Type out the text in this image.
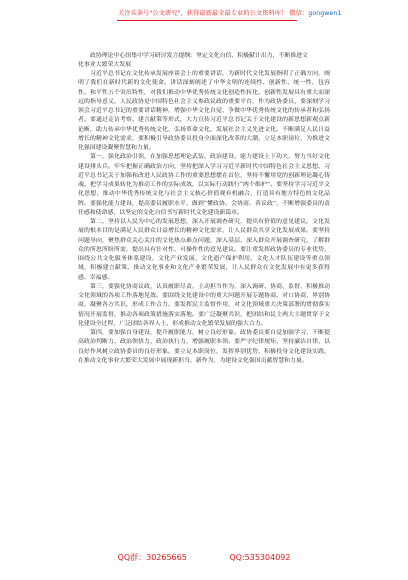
关注头条号"公文研究"，获得最新最全最专业的公文资料库！ 微信：gongwen1

政协理论中心组集中学习研讨发言提纲：坚定文化自信，积极献计出力，不断推进文

化事业大繁荣大发展

习近平总书记在文化传承发展座谈会上的重要讲话，为新时代文化发展指明了正确方向，阐明了我们在新时代新的文化使命。讲话深刻阐述了中华文明的连续性、创新性、统一性、包容性、和平性五个突出特性，对我们推动中华优秀传统文化创造性转化、创新性发展具有重大而深远的指导意义。人民政协是中国特色社会主义参政议政的重要平台，作为政协委员，要深刻学习领会习近平总书记的重要讲话精神，增强中华文化自觉，争做中华优秀传统文化的传承者和弘扬者。要通过走访考察、建言献策等形式，大力宣传习近平总书记关于文化建设的新思想新观点新论断，助力传承中华优秀传统文化，弘扬革命文化，发展社会主义先进文化，不断满足人民日益增长的精神文化需求，要积极引导政协委员投身全面深化改革的大潮，立足本职岗位，为推进文化强国建设凝聚智慧和力量。

第一，强化政治引领，在加强思想理论武装、政治建设、能力建设上下功夫，努力当好文化建设排头兵。牢牢把握正确政治方向，坚持把深入学习习近平新时代中国特色社会主义思想、习近平总书记关于加强和改进人民政协工作的重要思想摆在首位，坚持不懈用党的创新理论凝心铸魂，把学习成果转化为推动工作的实际成效，以实际行动践行“两个维护”。要坚持学习习近平文化思想，推动中华优秀传统文化与社会主义核心价值观有机融合，打造具有地方特色的文化品牌。要强化能力建设，提高委员履职水平，做到“懂政协、会协商、善议政”，不断增强委员的责任感和使命感，以坚定的文化自信书写新时代文化建设新篇章。

第二，坚持以人民为中心的发展思想，深入开展调查研究，提出有价值的意见建议。文化发展的根本目的是满足人民群众日益增长的精神文化需求，让人民群众共享文化发展成果。要坚持问题导向，聚焦群众关心关注的文化热点难点问题，深入基层、深入群众开展调查研究，了解群众的所思所盼所需，提出具有针对性、可操作性的意见建议。要注重发挥政协委员的专业优势，围绕公共文化服务体系建设、文化产业发展、文化遗产保护利用、文化人才队伍建设等重点领域，积极建言献策，推动文化事业和文化产业繁荣发展，让人民群众在文化发展中有更多获得感、幸福感。

第三，要强化协商议政，认真履职尽责，主动担当作为，深入调研、协商、监督，积极推动文化领域的各项工作落地见效。要围绕文化建设中的重大问题开展专题协商、对口协商、界别协商，凝聚各方共识，形成工作合力。要发挥民主监督作用，对文化领域重大决策部署的贯彻落实情况开展监督，推动各项政策措施落实落地。要广泛凝聚共识，把团结和民主两大主题贯穿于文化建设全过程，广泛团结各界人士，形成推动文化繁荣发展的强大合力。

第四，要加强自身建设，提升履职能力，树立良好形象。政协委员要自觉加强学习，不断提高政治判断力、政治领悟力、政治执行力，增强履职本领。要严守纪律规矩，坚持廉洁自律，以良好作风树立政协委员的良好形象。要立足本职岗位，发挥界别优势，积极投身文化建设实践，在推动文化事业大繁荣大发展中展现新担当、新作为，为建设文化强国贡献智慧和力量。

QQ群：30265665	QQ:535304092
